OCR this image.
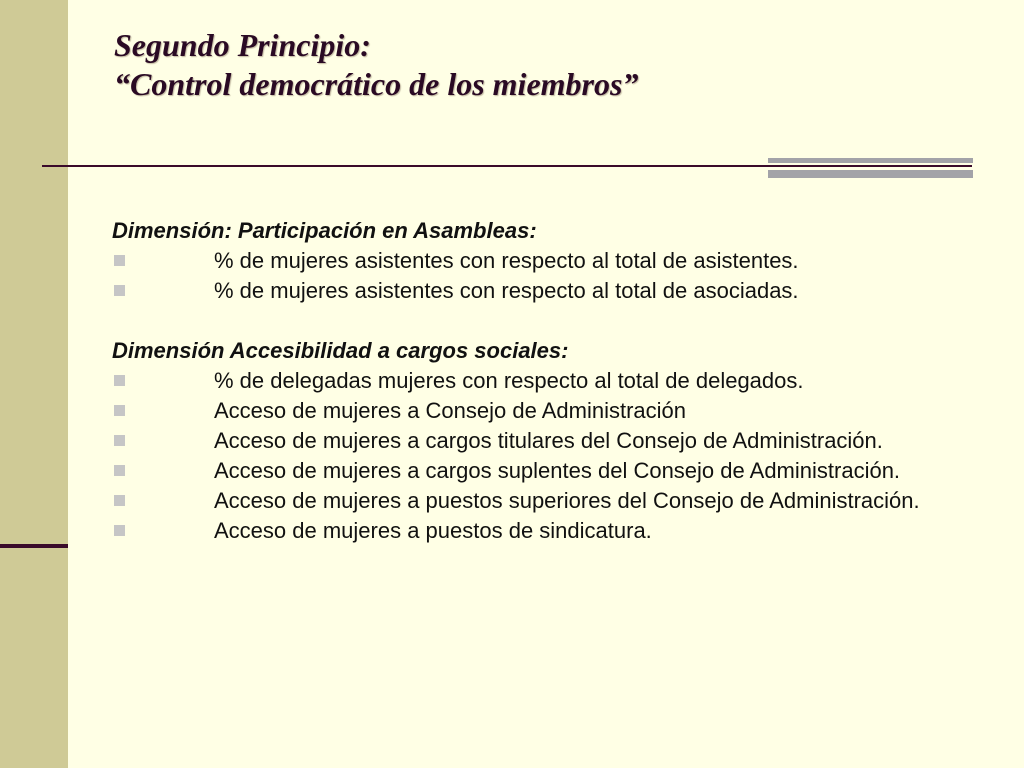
Segundo Principio:
“Control democrático de los miembros”

Dimensión: Participación en Asambleas:

% de mujeres asistentes con respecto al total de asistentes.
% de mujeres asistentes con respecto al total de asociadas.

Dimensión Accesibilidad a cargos sociales:

% de delegadas mujeres con respecto al total de delegados.
Acceso de mujeres a Consejo de Administración
Acceso de mujeres a cargos titulares del Consejo de Administración.
Acceso de mujeres a cargos suplentes del Consejo de Administración.
Acceso de mujeres a puestos superiores del Consejo de Administración.
Acceso de mujeres a puestos de sindicatura.
